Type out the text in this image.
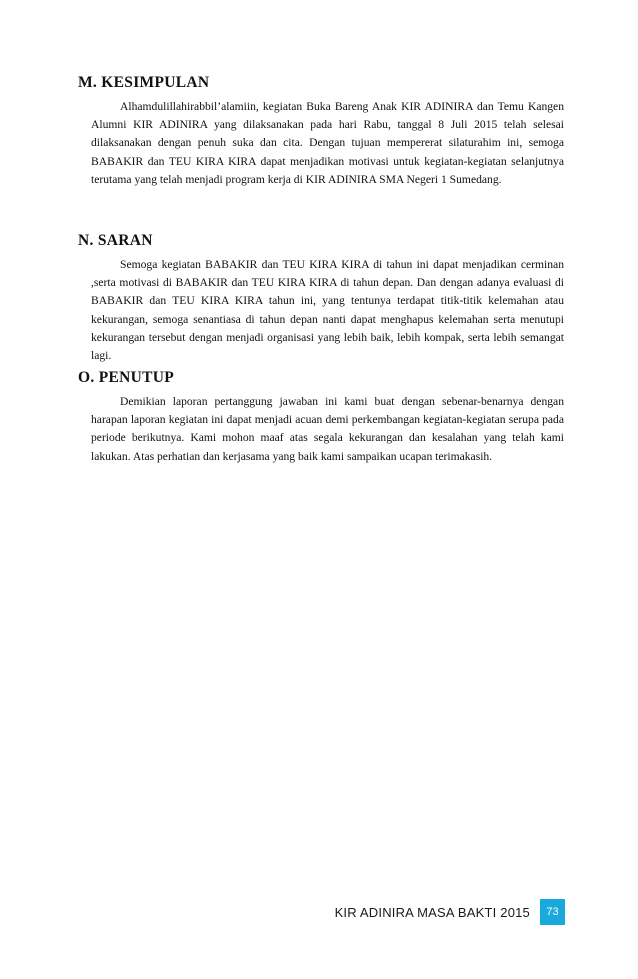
M. KESIMPULAN

Alhamdulillahirabbil’alamiin, kegiatan Buka Bareng Anak KIR ADINIRA dan Temu Kangen Alumni KIR ADINIRA yang dilaksanakan pada hari Rabu, tanggal 8 Juli 2015 telah selesai dilaksanakan dengan penuh suka dan cita. Dengan tujuan mempererat silaturahim ini, semoga BABAKIR dan TEU KIRA KIRA dapat menjadikan motivasi untuk kegiatan-kegiatan selanjutnya terutama yang telah menjadi program kerja di KIR ADINIRA SMA Negeri 1 Sumedang.

N. SARAN

Semoga kegiatan BABAKIR dan TEU KIRA KIRA di tahun ini dapat menjadikan cerminan ,serta motivasi di BABAKIR dan TEU KIRA KIRA di tahun depan. Dan dengan adanya evaluasi di BABAKIR dan TEU KIRA KIRA tahun ini, yang tentunya terdapat titik-titik kelemahan atau kekurangan, semoga senantiasa di tahun depan nanti dapat menghapus kelemahan serta menutupi kekurangan tersebut dengan menjadi organisasi yang lebih baik, lebih kompak, serta lebih semangat lagi.

O. PENUTUP

Demikian laporan pertanggung jawaban ini kami buat dengan sebenar-benarnya dengan harapan laporan kegiatan ini dapat menjadi acuan demi perkembangan kegiatan-kegiatan serupa pada periode berikutnya. Kami mohon maaf atas segala kekurangan dan kesalahan yang telah kami lakukan. Atas perhatian dan kerjasama yang baik kami sampaikan ucapan terimakasih.

KIR ADINIRA MASA BAKTI 2015 73
